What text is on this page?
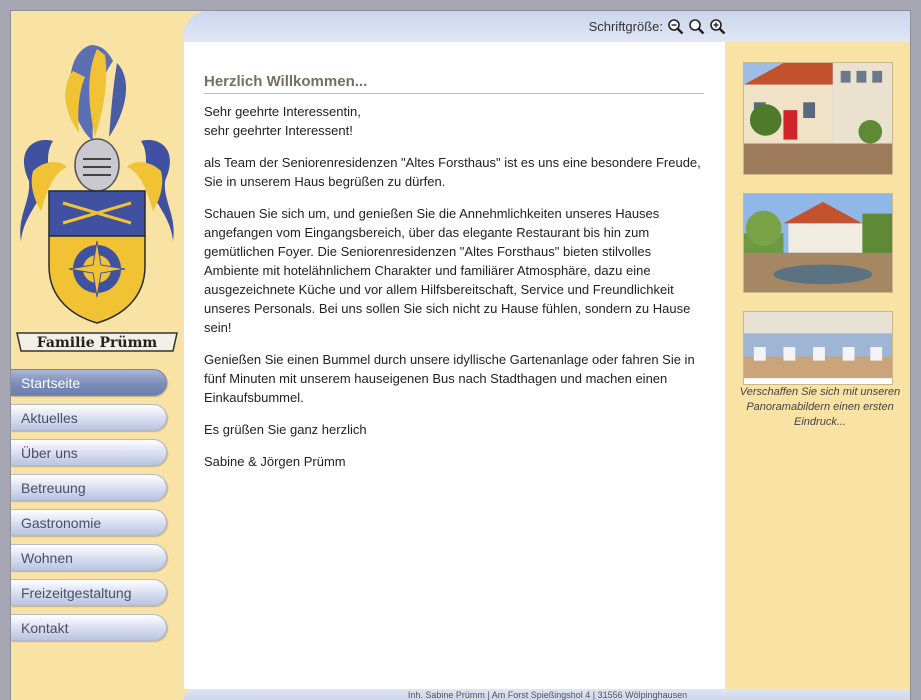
Familie Prümm
Startseite
Aktuelles
Über uns
Betreuung
Gastronomie
Wohnen
Freizeitgestaltung
Kontakt
Schriftgröße:
Herzlich Willkommen...

Sehr geehrte Interessentin,
sehr geehrter Interessent!

als Team der Seniorenresidenzen "Altes Forsthaus" ist es uns eine besondere Freude, Sie in unserem Haus begrüßen zu dürfen.

Schauen Sie sich um, und genießen Sie die Annehmlichkeiten unseres Hauses angefangen vom Eingangsbereich, über das elegante Restaurant bis hin zum gemütlichen Foyer. Die Seniorenresidenzen "Altes Forsthaus" bieten stilvolles Ambiente mit hotelähnlichem Charakter und familiärer Atmosphäre, dazu eine ausgezeichnete Küche und vor allem Hilfsbereitschaft, Service und Freundlichkeit unseres Personals. Bei uns sollen Sie sich nicht zu Hause fühlen, sondern zu Hause sein!

Genießen Sie einen Bummel durch unsere idyllische Gartenanlage oder fahren Sie in fünf Minuten mit unserem hauseigenen Bus nach Stadthagen und machen einen Einkaufsbummel.

Es grüßen Sie ganz herzlich

Sabine & Jörgen Prümm

Verschaffen Sie sich mit unseren Panoramabildern einen ersten Eindruck...
Inh. Sabine Prümm | Am Forst Spießingshol 4 | 31556 Wölpinghausen
